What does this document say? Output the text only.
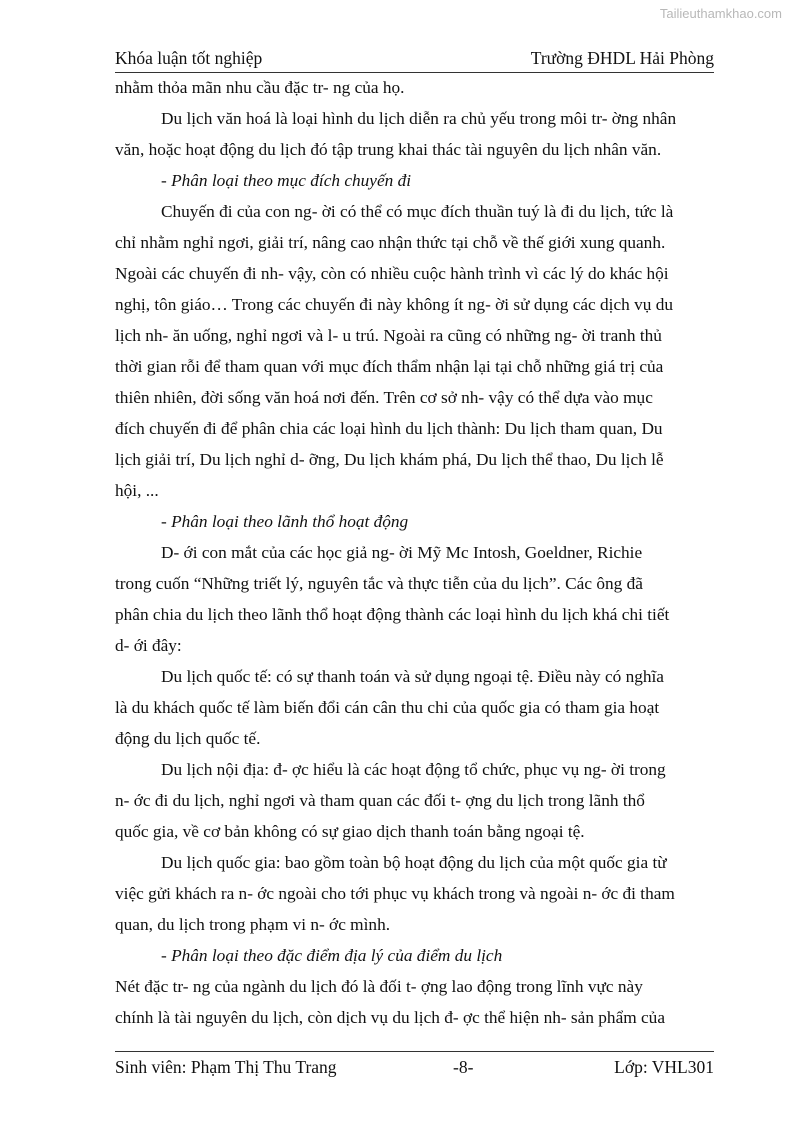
Tailieuthamkhao.com
Khóa luận tốt nghiệp	Trường ĐHDL Hải Phòng
nhằm thỏa mãn nhu cầu đặc tr- ng của họ.
Du lịch văn hoá là loại hình du lịch diễn ra chủ yếu trong môi tr- ờng nhân
văn, hoặc hoạt động du lịch đó tập trung khai thác tài nguyên du lịch nhân văn.
- Phân loại theo mục đích chuyến đi
Chuyến đi của con ng- ời có thể có mục đích thuần tuý là đi du lịch, tức là
chỉ nhằm nghỉ ngơi, giải trí, nâng cao nhận thức tại chỗ về thế giới xung quanh.
Ngoài các chuyến đi nh- vậy, còn có nhiều cuộc hành trình vì các lý do khác hội
nghị, tôn giáo… Trong các chuyến đi này không ít ng- ời sử dụng các dịch vụ du
lịch nh- ăn uống, nghỉ ngơi và l- u trú. Ngoài ra cũng có những ng- ời tranh thủ
thời gian rỗi để tham quan với mục đích thẩm nhận lại tại chỗ những giá trị của
thiên nhiên, đời sống văn hoá nơi đến. Trên cơ sở nh- vậy có thể dựa vào mục
đích chuyến đi để phân chia các loại hình du lịch thành: Du lịch tham quan, Du
lịch giải trí, Du lịch nghỉ d- ỡng, Du lịch khám phá, Du lịch thể thao, Du lịch lễ
hội, ...
- Phân loại theo lãnh thổ hoạt động
D- ới con mắt của các học giả ng- ời Mỹ Mc Intosh, Goeldner, Richie
trong cuốn “Những triết lý, nguyên tắc và thực tiễn của du lịch”. Các ông đã
phân chia du lịch theo lãnh thổ hoạt động thành các loại hình du lịch khá chi tiết
d- ới đây:
Du lịch quốc tế: có sự thanh toán và sử dụng ngoại tệ. Điều này có nghĩa
là du khách quốc tế làm biến đổi cán cân thu chi của quốc gia có tham gia hoạt
động du lịch quốc tế.
Du lịch nội địa: đ- ợc hiểu là các hoạt động tổ chức, phục vụ ng- ời trong
n- ớc đi du lịch, nghỉ ngơi và tham quan các đối t- ợng du lịch trong lãnh thổ
quốc gia, về cơ bản không có sự giao dịch thanh toán bằng ngoại tệ.
Du lịch quốc gia: bao gồm toàn bộ hoạt động du lịch của một quốc gia từ
việc gửi khách ra n- ớc ngoài cho tới phục vụ khách trong và ngoài n- ớc đi tham
quan, du lịch trong phạm vi n- ớc mình.
- Phân loại theo đặc điểm địa lý của điểm du lịch
Nét đặc tr- ng của ngành du lịch đó là đối t- ợng lao động trong lĩnh vực này
chính là tài nguyên du lịch, còn dịch vụ du lịch đ- ợc thể hiện nh- sản phẩm của
Sinh viên: Phạm Thị Thu Trang	-8-	Lớp: VHL301
